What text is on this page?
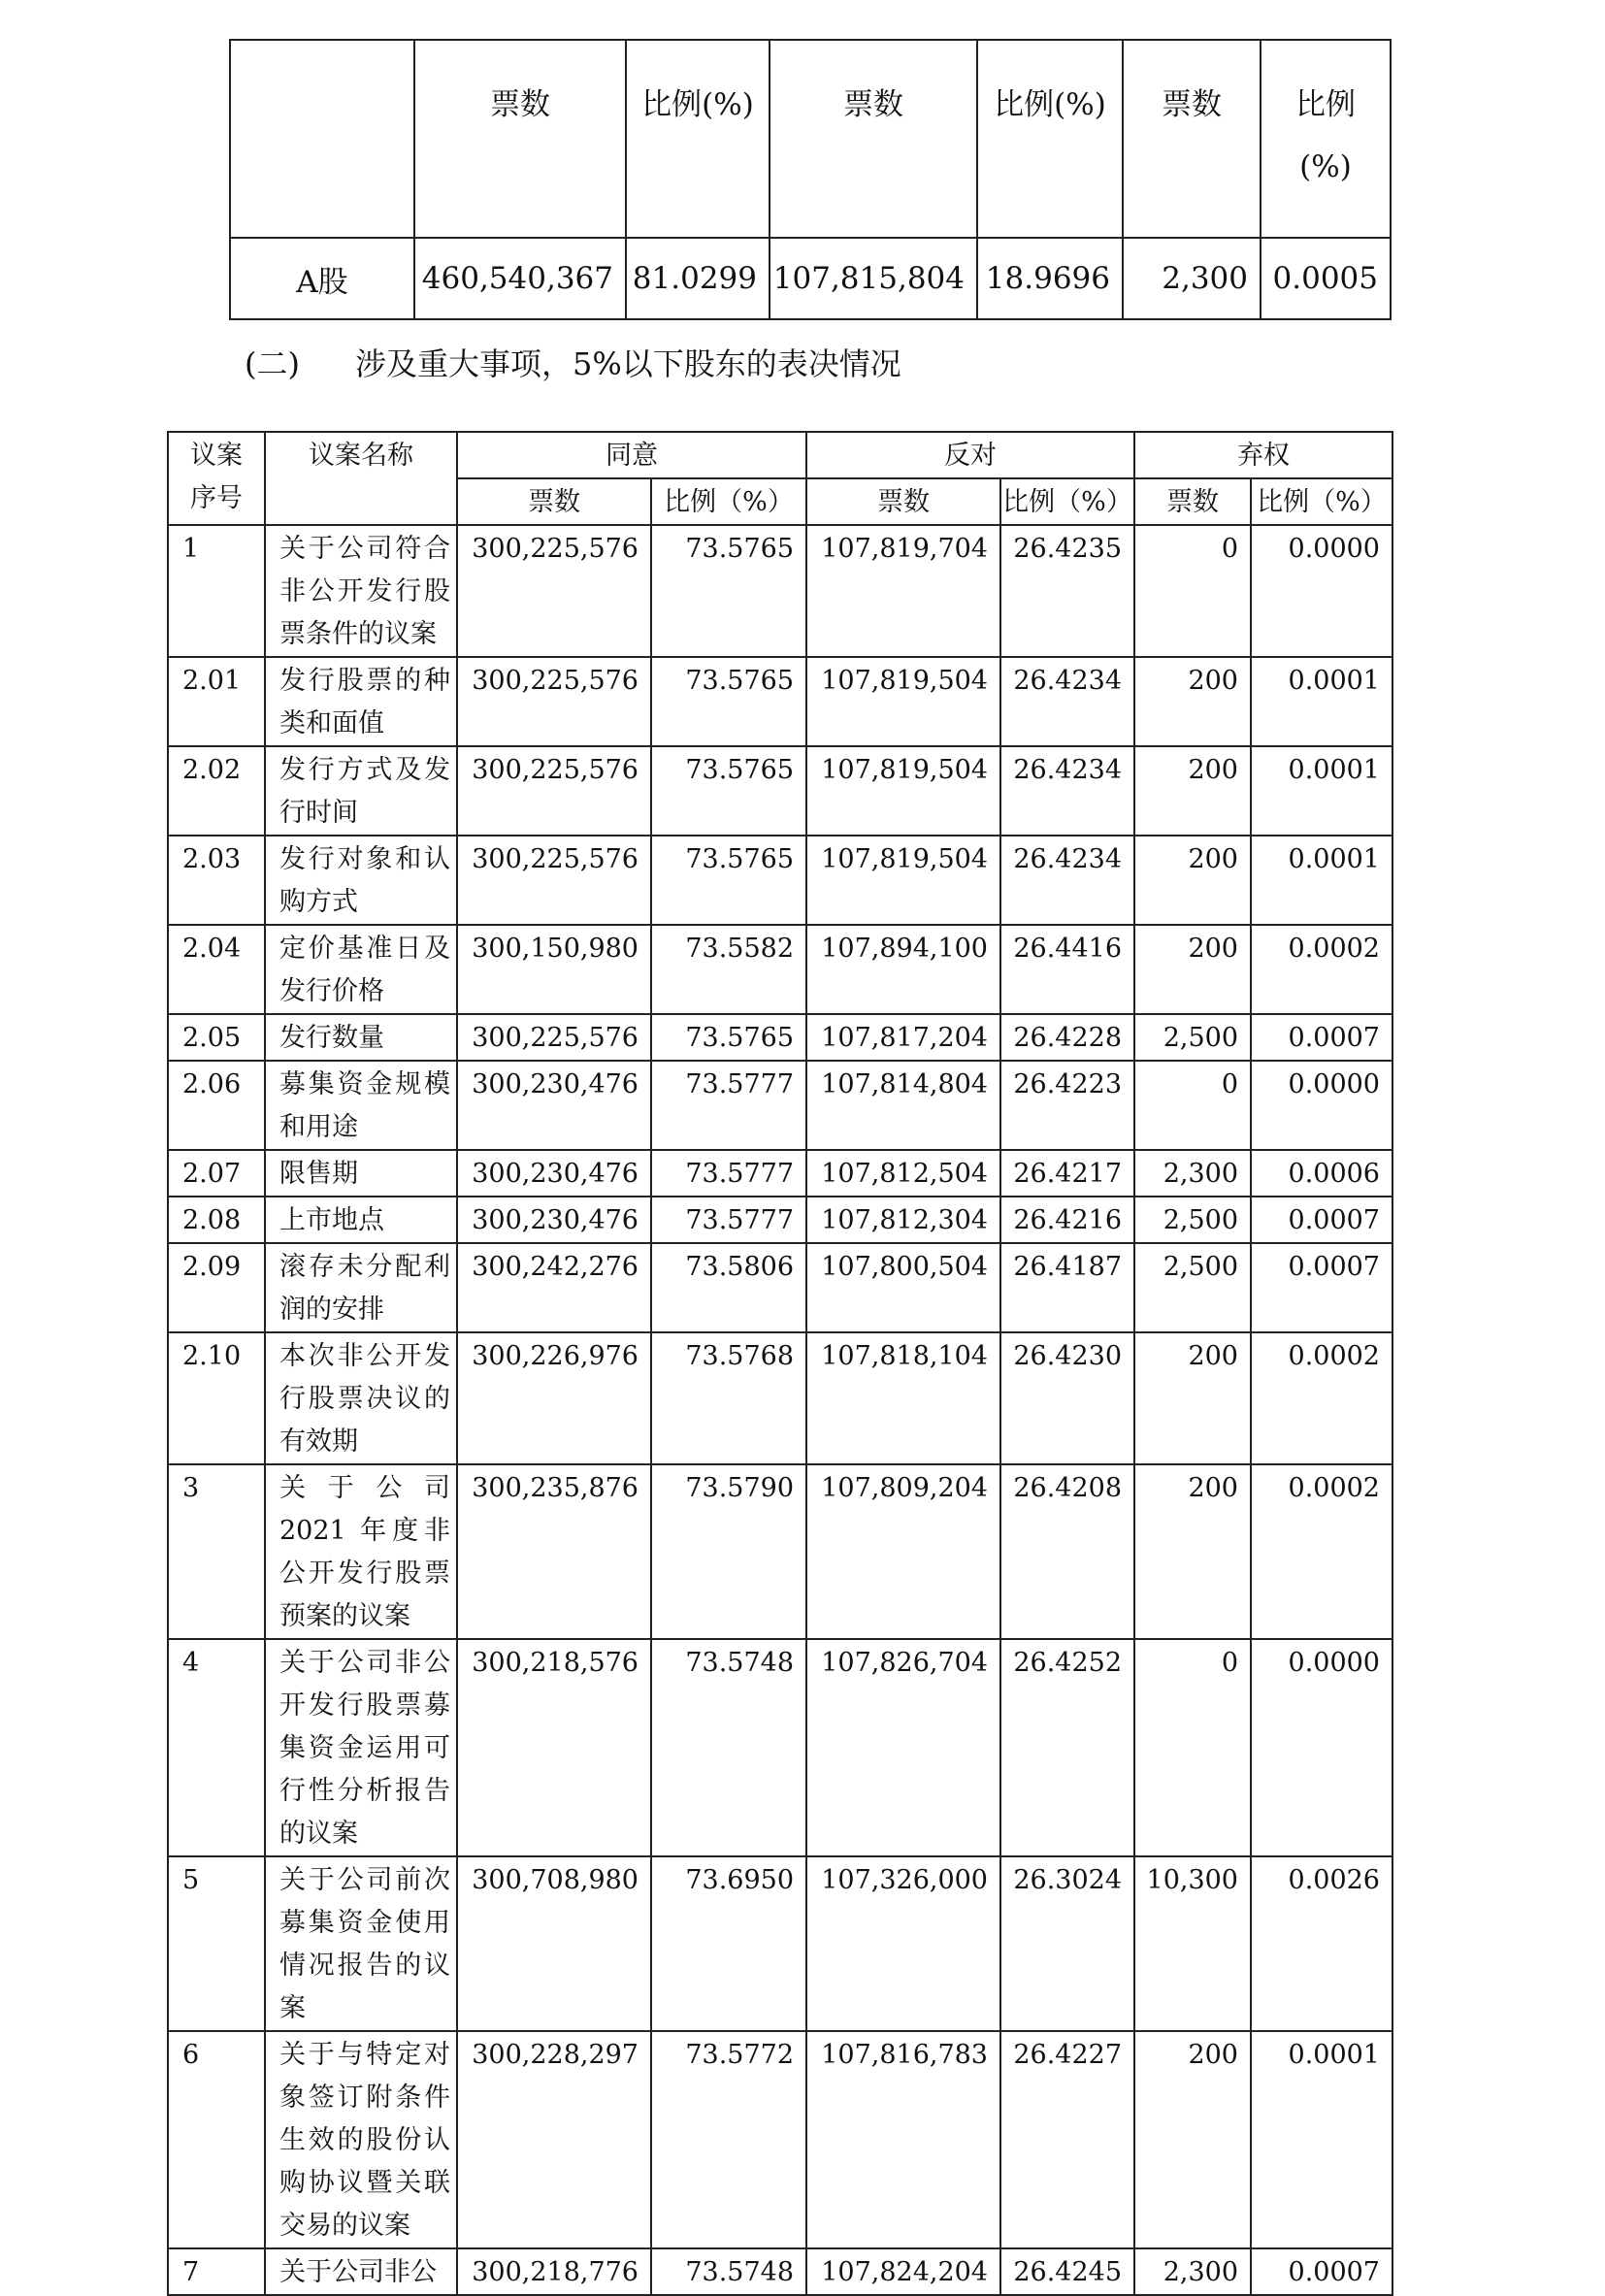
	票数	比例(%)	票数	比例(%)	票数	比例
(%)
A股	460,540,367	81.0299	107,815,804	18.9696	2,300	0.0005
(二) 涉及重大事项，5%以下股东的表决情况
议案序号	议案名称	同意		反对		弃权	
		票数	比例（%）	票数	比例（%）	票数	比例（%）
1	关于公司符合非公开发行股票条件的议案	300,225,576	73.5765	107,819,704	26.4235	0	0.0000
2.01	发行股票的种类和面值	300,225,576	73.5765	107,819,504	26.4234	200	0.0001
2.02	发行方式及发行时间	300,225,576	73.5765	107,819,504	26.4234	200	0.0001
2.03	发行对象和认购方式	300,225,576	73.5765	107,819,504	26.4234	200	0.0001
2.04	定价基准日及发行价格	300,150,980	73.5582	107,894,100	26.4416	200	0.0002
2.05	发行数量	300,225,576	73.5765	107,817,204	26.4228	2,500	0.0007
2.06	募集资金规模和用途	300,230,476	73.5777	107,814,804	26.4223	0	0.0000
2.07	限售期	300,230,476	73.5777	107,812,504	26.4217	2,300	0.0006
2.08	上市地点	300,230,476	73.5777	107,812,304	26.4216	2,500	0.0007
2.09	滚存未分配利润的安排	300,242,276	73.5806	107,800,504	26.4187	2,500	0.0007
2.10	本次非公开发行股票决议的有效期	300,226,976	73.5768	107,818,104	26.4230	200	0.0002
3	关 于 公 司 2021 年度非公开发行股票预案的议案	300,235,876	73.5790	107,809,204	26.4208	200	0.0002
4	关于公司非公开发行股票募集资金运用可行性分析报告的议案	300,218,576	73.5748	107,826,704	26.4252	0	0.0000
5	关于公司前次募集资金使用情况报告的议案	300,708,980	73.6950	107,326,000	26.3024	10,300	0.0026
6	关于与特定对象签订附条件生效的股份认购协议暨关联交易的议案	300,228,297	73.5772	107,816,783	26.4227	200	0.0001
7	关于公司非公	300,218,776	73.5748	107,824,204	26.4245	2,300	0.0007
